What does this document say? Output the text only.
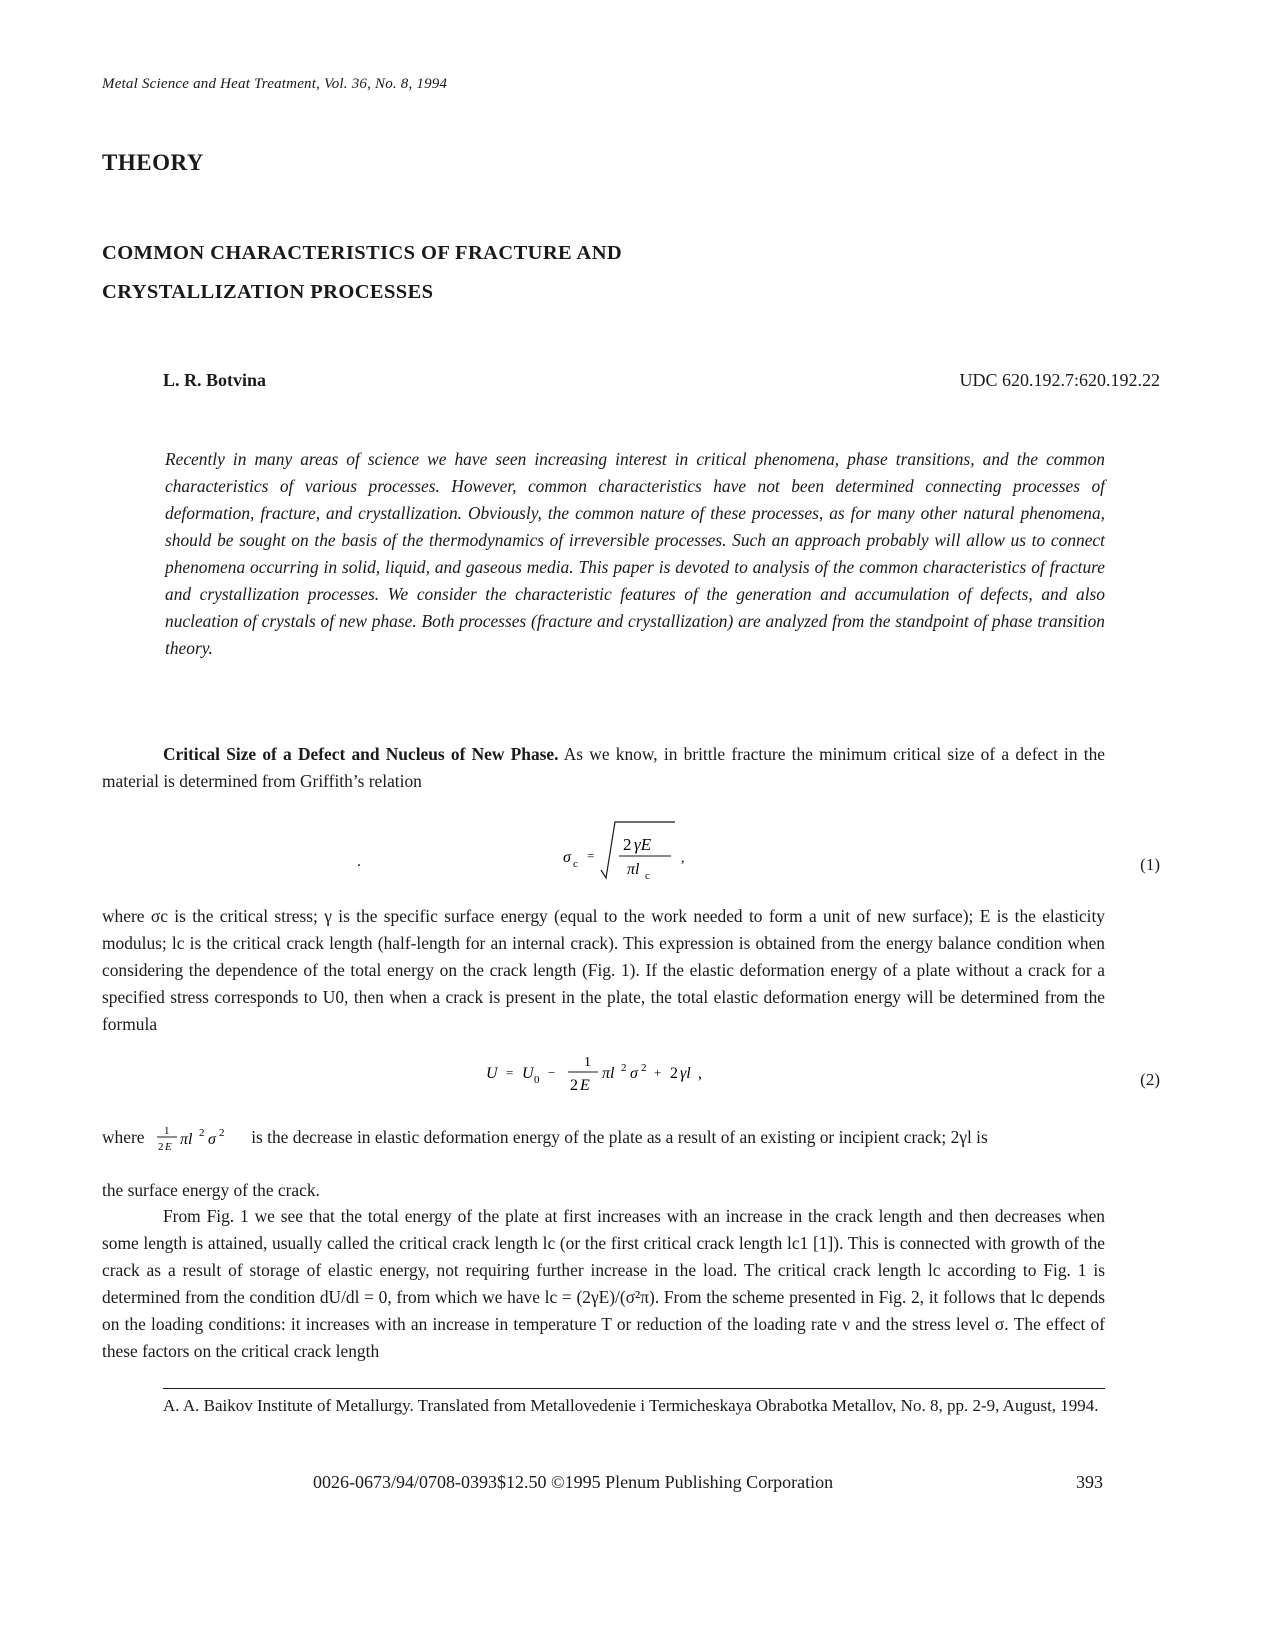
Metal Science and Heat Treatment, Vol. 36, No. 8, 1994
THEORY
COMMON CHARACTERISTICS OF FRACTURE AND
CRYSTALLIZATION PROCESSES
L. R. Botvina	UDC 620.192.7:620.192.22
Recently in many areas of science we have seen increasing interest in critical phenomena, phase transitions, and the common characteristics of various processes. However, common characteristics have not been determined connecting processes of deformation, fracture, and crystallization. Obviously, the common nature of these processes, as for many other natural phenomena, should be sought on the basis of the thermodynamics of irreversible processes. Such an approach probably will allow us to connect phenomena occurring in solid, liquid, and gaseous media. This paper is devoted to analysis of the common characteristics of fracture and crystallization processes. We consider the characteristic features of the generation and accumulation of defects, and also nucleation of crystals of new phase. Both processes (fracture and crystallization) are analyzed from the standpoint of phase transition theory.
Critical Size of a Defect and Nucleus of New Phase. As we know, in brittle fracture the minimum critical size of a defect in the material is determined from Griffith’s relation
.	σ c
=
2 γE
πl c
,	(1)
where σc is the critical stress; γ is the specific surface energy (equal to the work needed to form a unit of new surface); E is the elasticity modulus; lc is the critical crack length (half-length for an internal crack). This expression is obtained from the energy balance condition when considering the dependence of the total energy on the crack length (Fig. 1). If the elastic deformation energy of a plate without a crack for a specified stress corresponds to U0, then when a crack is present in the plate, the total elastic deformation energy will be determined from the formula
U = U 0 −
1
2 E
πl 2 σ 2 + 2 γl ,	(2)
where 1
2 E πl 2 σ 2 is the decrease in elastic deformation energy of the plate as a result of an existing or incipient crack; 2γl is
the surface energy of the crack.
From Fig. 1 we see that the total energy of the plate at first increases with an increase in the crack length and then decreases when some length is attained, usually called the critical crack length lc (or the first critical crack length lc1 [1]). This is connected with growth of the crack as a result of storage of elastic energy, not requiring further increase in the load. The critical crack length lc according to Fig. 1 is determined from the condition dU/dl = 0, from which we have lc = (2γE)/(σ²π). From the scheme presented in Fig. 2, it follows that lc depends on the loading conditions: it increases with an increase in temperature T or reduction of the loading rate ν and the stress level σ. The effect of these factors on the critical crack length
A. A. Baikov Institute of Metallurgy. Translated from Metallovedenie i Termicheskaya Obrabotka Metallov, No. 8, pp. 2-9, August, 1994.
0026-0673/94/0708-0393$12.50 ©1995 Plenum Publishing Corporation	393
